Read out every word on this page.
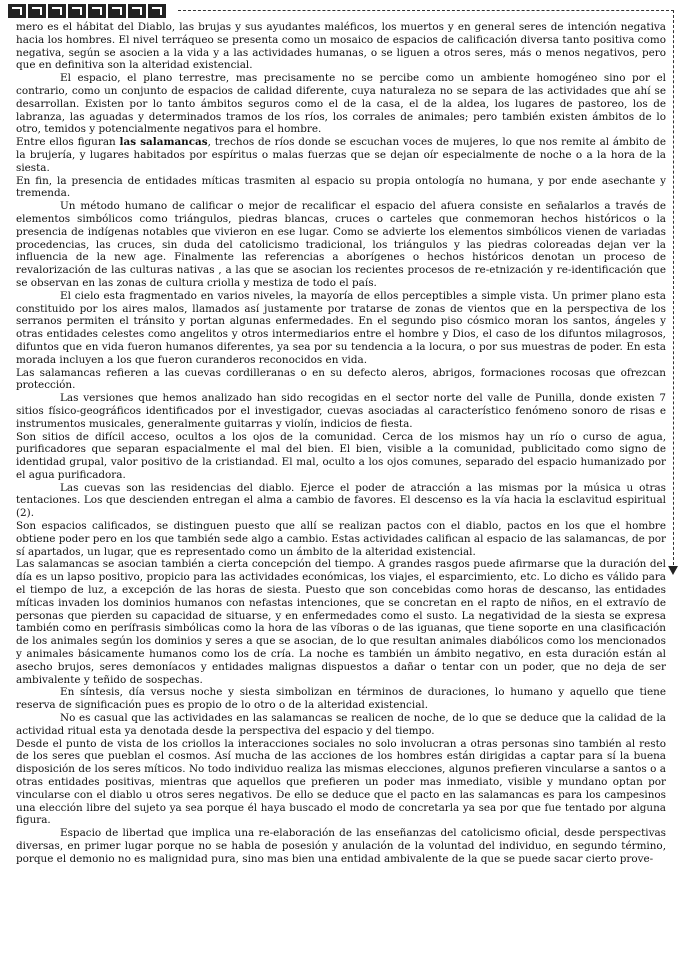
mero es el hábitat del Diablo, las brujas y sus ayudantes maléficos, los muertos y en general seres de intención negativa hacia los hombres. El nivel terráqueo se presenta como un mosaico de espacios de calificación diversa tanto positiva como negativa, según se asocien a la vida y a las actividades humanas, o se liguen a otros seres, más o menos negativos, pero que en definitiva son la alteridad existencial.

El espacio, el plano terrestre, mas precisamente no se percibe como un ambiente homogéneo sino por el contrario, como un conjunto de espacios de calidad diferente, cuya naturaleza no se separa de las actividades que ahí se desarrollan. Existen por lo tanto ámbitos seguros como el de la casa, el de la aldea, los lugares de pastoreo, los de labranza, las aguadas y determinados tramos de los ríos, los corrales de animales; pero también existen ámbitos de lo otro, temidos y potencialmente negativos para el hombre.

Entre ellos figuran las salamancas, trechos de ríos donde se escuchan voces de mujeres, lo que nos remite al ámbito de la brujería, y lugares habitados por espíritus o malas fuerzas que se dejan oír especialmente de noche o a la hora de la siesta.

En fin, la presencia de entidades míticas trasmiten al espacio su propia ontología no humana, y por ende asechante y tremenda.

Un método humano de calificar o mejor de recalificar el espacio del afuera consiste en señalarlos a través de elementos simbólicos como triángulos, piedras blancas, cruces o carteles que conmemoran hechos históricos o la presencia de indígenas notables que vivieron en ese lugar. Como se advierte los elementos simbólicos vienen de variadas procedencias, las cruces, sin duda del catolicismo tradicional, los triángulos y las piedras coloreadas dejan ver la influencia de la new age. Finalmente las referencias a aborígenes o hechos históricos denotan un proceso de revalorización de las culturas nativas , a las que se asocian los recientes procesos de re-etnización y re-identificación que se observan en las zonas de cultura criolla y mestiza de todo el país.

El cielo esta fragmentado en varios niveles, la mayoría de ellos perceptibles a simple vista. Un primer plano esta constituido por los aires malos, llamados así justamente por tratarse de zonas de vientos que en la perspectiva de los serranos permiten el tránsito y portan algunas enfermedades. En el segundo piso cósmico moran los santos, ángeles y otras entidades celestes como angelitos y otros intermediarios entre el hombre y Dios, el caso de los difuntos milagrosos, difuntos que en vida fueron humanos diferentes, ya sea por su tendencia a la locura, o por sus muestras de poder. En esta morada incluyen a los que fueron curanderos reconocidos en vida.

Las salamancas refieren a las cuevas cordilleranas o en su defecto aleros, abrigos, formaciones rocosas que ofrezcan protección.

Las versiones que hemos analizado han sido recogidas en el sector norte del valle de Punilla, donde existen 7 sitios físico-geográficos identificados por el investigador, cuevas asociadas al característico fenómeno sonoro de risas e instrumentos musicales, generalmente guitarras y violín, indicios de fiesta.

Son sitios de difícil acceso, ocultos a los ojos de la comunidad. Cerca de los mismos hay un río o curso de agua, purificadores que separan espacialmente el mal del bien. El bien, visible a la comunidad, publicitado como signo de identidad grupal, valor positivo de la cristiandad. El mal, oculto a los ojos comunes, separado del espacio humanizado por el agua purificadora.

Las cuevas son las residencias del diablo. Ejerce el poder de atracción a las mismas por la música u otras tentaciones. Los que descienden entregan el alma a cambio de favores. El descenso es la vía hacia la esclavitud espiritual (2).

Son espacios calificados, se distinguen puesto que allí se realizan pactos con el diablo, pactos en los que el hombre obtiene poder pero en los que también sede algo a cambio. Estas actividades califican al espacio de las salamancas, de por sí apartados, un lugar, que es representado como un ámbito de la alteridad existencial.

Las salamancas se asocian también a cierta concepción del tiempo. A grandes rasgos puede afirmarse que la duración del día es un lapso positivo, propicio para las actividades económicas, los viajes, el esparcimiento, etc. Lo dicho es válido para el tiempo de luz, a excepción de las horas de siesta. Puesto que son concebidas como horas de descanso, las entidades míticas invaden los dominios humanos con nefastas intenciones, que se concretan en el rapto de niños, en el extravío de personas que pierden su capacidad de situarse, y en enfermedades como el susto. La negatividad de la siesta se expresa también como en perífrasis simbólicas como la hora de las víboras o de las iguanas, que tiene soporte en una clasificación de los animales según los dominios y seres a que se asocian, de lo que resultan animales diabólicos como los mencionados y animales básicamente humanos como los de cría. La noche es también un ámbito negativo, en esta duración están al asecho brujos, seres demoníacos y entidades malignas dispuestos a dañar o tentar con un poder, que no deja de ser ambivalente y teñido de sospechas.

En síntesis, día versus noche y siesta simbolizan en términos de duraciones, lo humano y aquello que tiene reserva de significación pues es propio de lo otro o de la alteridad existencial.

No es casual que las actividades en las salamancas se realicen de noche, de lo que se deduce que la calidad de la actividad ritual esta ya denotada desde la perspectiva del espacio y del tiempo.

Desde el punto de vista de los criollos la interacciones sociales no solo involucran a otras personas sino también al resto de los seres que pueblan el cosmos. Así mucha de las acciones de los hombres están dirigidas a captar para sí la buena disposición de los seres míticos. No todo individuo realiza las mismas elecciones, algunos prefieren vincularse a santos o a otras entidades positivas, mientras que aquellos que prefieren un poder mas inmediato, visible y mundano optan por vincularse con el diablo u otros seres negativos. De ello se deduce que el pacto en las salamancas es para los campesinos una elección libre del sujeto ya sea porque él haya buscado el modo de concretarla ya sea por que fue tentado por alguna figura.

Espacio de libertad que implica una re-elaboración de las enseñanzas del catolicismo oficial, desde perspectivas diversas, en primer lugar porque no se habla de posesión y anulación de la voluntad del individuo, en segundo término, porque el demonio no es malignidad pura, sino mas bien una entidad ambivalente de la que se puede sacar cierto prove-
